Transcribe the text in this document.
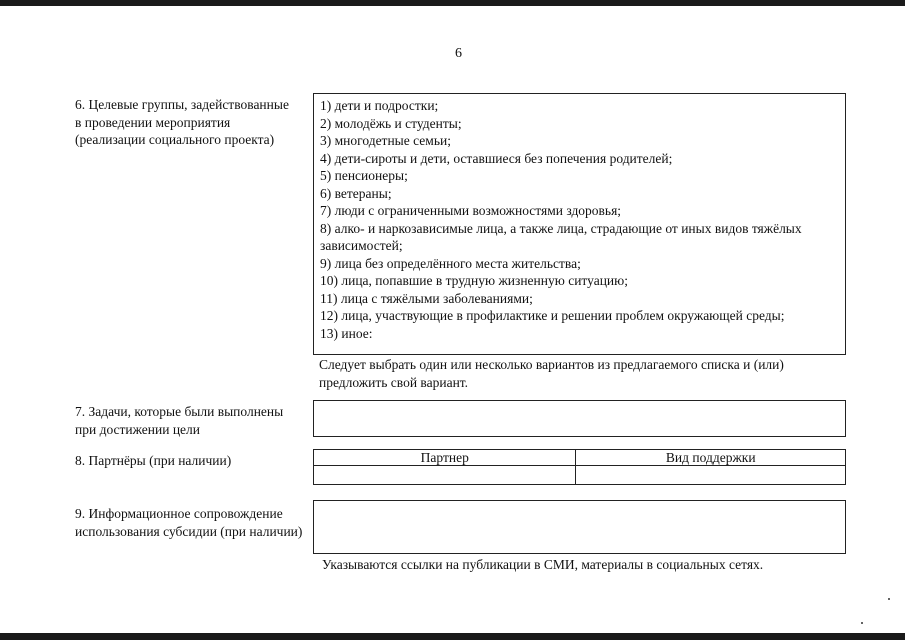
6
6. Целевые группы, задействованные в проведении мероприятия (реализации социального проекта)
1) дети и подростки;
2) молодёжь и студенты;
3) многодетные семьи;
4) дети-сироты и дети, оставшиеся без попечения родителей;
5) пенсионеры;
6) ветераны;
7) люди с ограниченными возможностями здоровья;
8) алко- и наркозависимые лица, а также лица, страдающие от иных видов тяжёлых зависимостей;
9) лица без определённого места жительства;
10) лица, попавшие в трудную жизненную ситуацию;
11) лица с тяжёлыми заболеваниями;
12) лица, участвующие в профилактике и решении проблем окружающей среды;
13) иное:
Следует выбрать один или несколько вариантов из предлагаемого списка и (или) предложить свой вариант.
7. Задачи, которые были выполнены при достижении цели
8. Партнёры (при наличии)	Партнер	Вид поддержки

9. Информационное сопровождение использования субсидии (при наличии)
Указываются ссылки на публикации в СМИ, материалы в социальных сетях.
